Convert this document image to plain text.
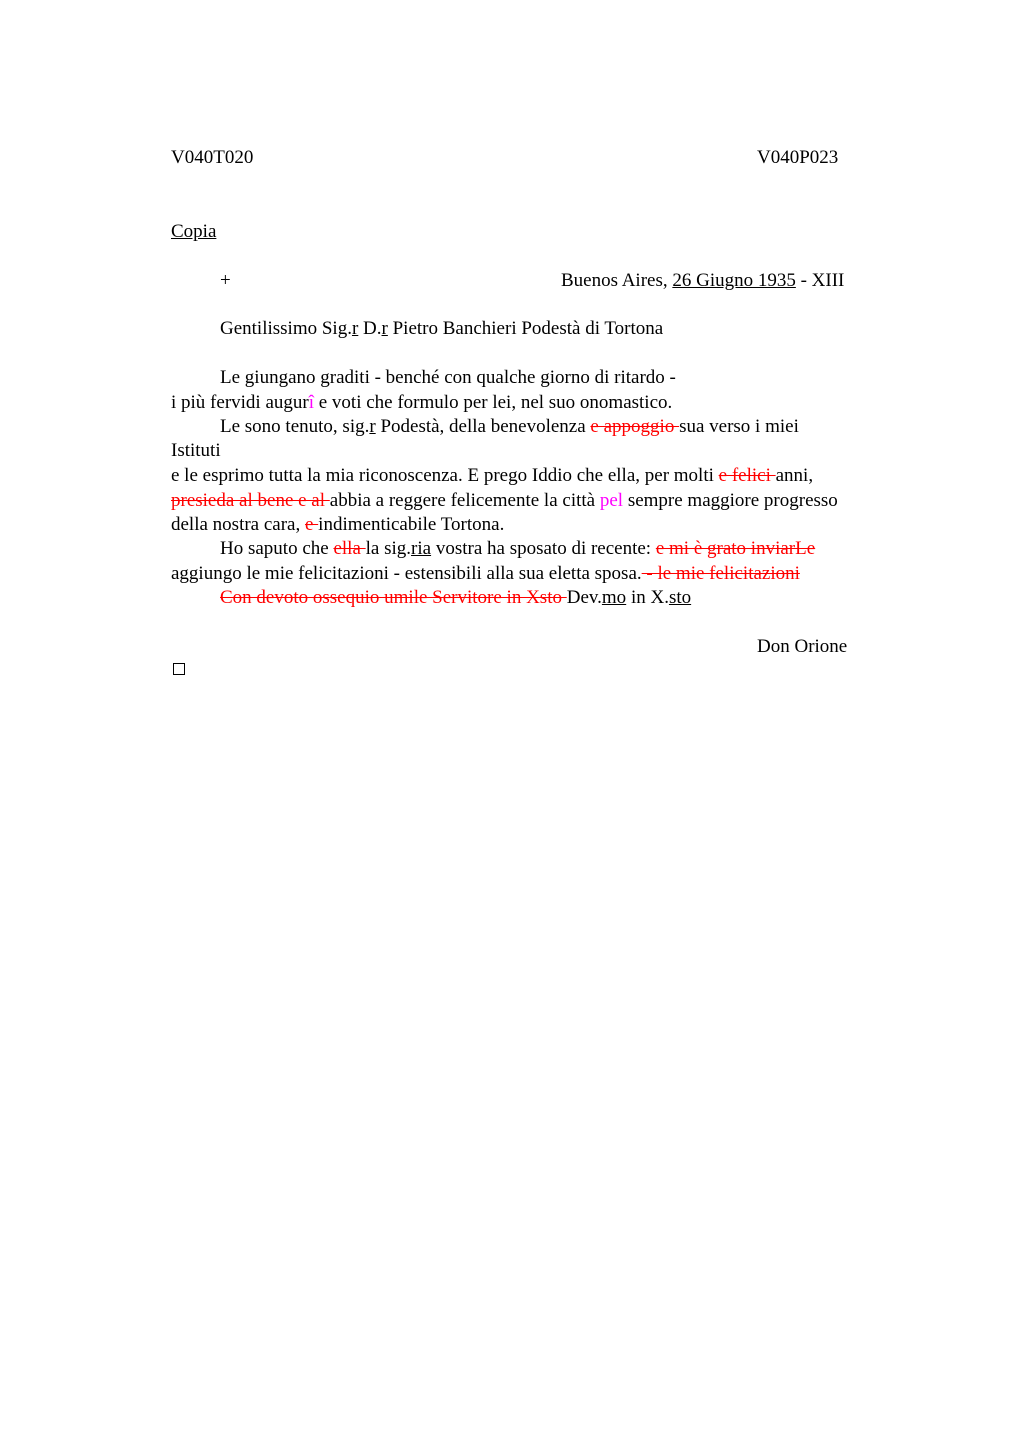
V040T020	V040P023
Copia
+	Buenos Aires, 26 Giugno 1935 - XIII
Gentilissimo Sig.r D.r Pietro Banchieri Podestà di Tortona
Le giungano graditi - benché con qualche giorno di ritardo -
i più fervidi augurî e voti che formulo per lei, nel suo onomastico.
Le sono tenuto, sig.r Podestà, della benevolenza e appoggio sua verso i miei
Istituti
e le esprimo tutta la mia riconoscenza. E prego Iddio che ella, per molti e felici anni,
presieda al bene e al abbia a reggere felicemente la città pel sempre maggiore progresso
della nostra cara, e indimenticabile Tortona.
Ho saputo che ella la sig.ria vostra ha sposato di recente: e mi è grato inviarLe
aggiungo le mie felicitazioni - estensibili alla sua eletta sposa. - le mie felicitazioni
Con devoto ossequio umile Servitore in Xsto Dev.mo in X.sto
Don Orione
